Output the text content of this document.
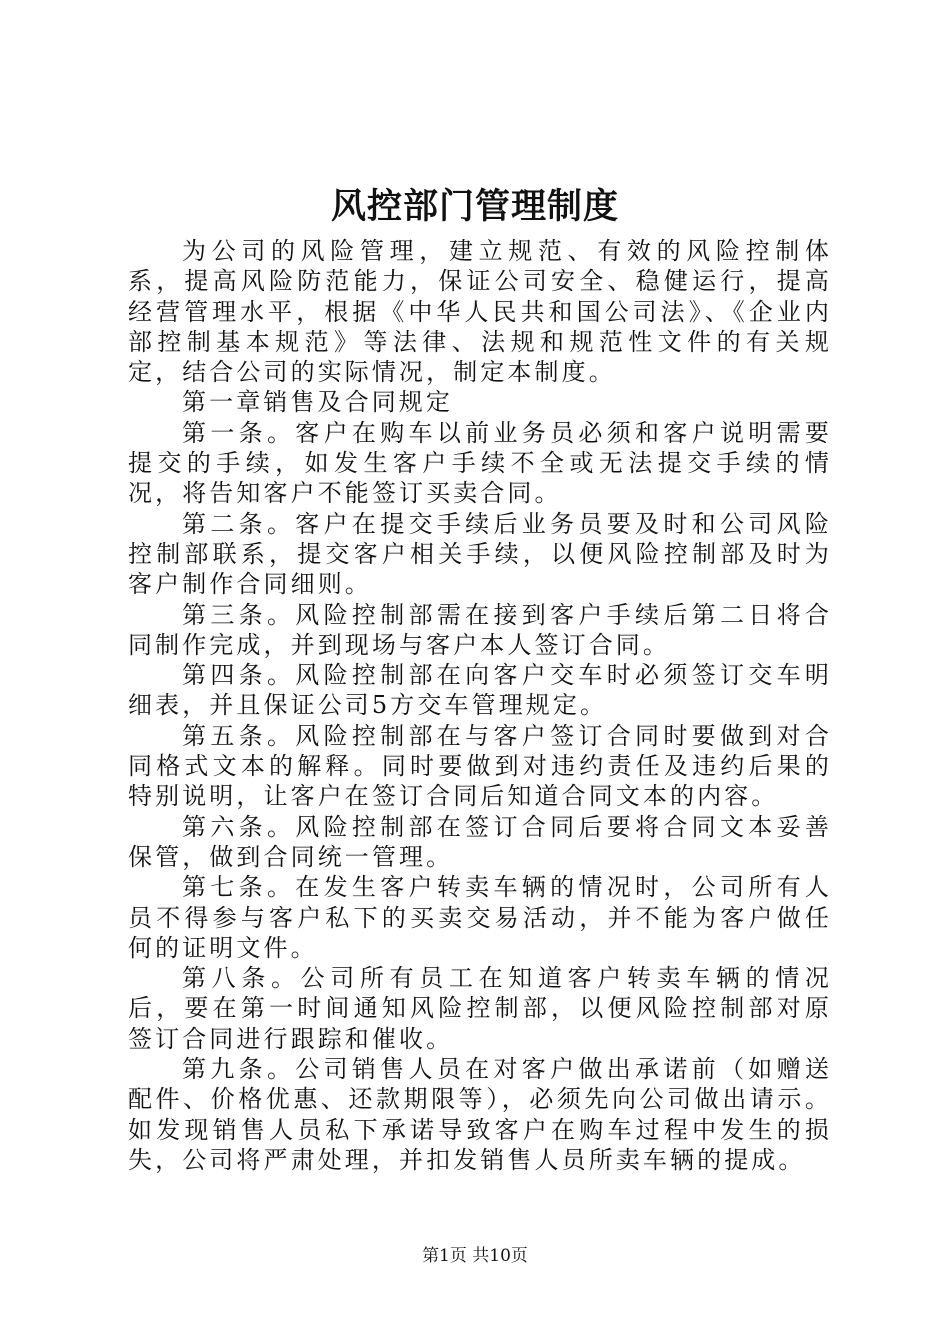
风控部门管理制度

为公司的风险管理，建立规范、有效的风险控制体系，提高风险防范能力，保证公司安全、稳健运行，提高经营管理水平，根据《中华人民共和国公司法》、《企业内部控制基本规范》等法律、法规和规范性文件的有关规定，结合公司的实际情况，制定本制度。

第一章销售及合同规定

第一条。客户在购车以前业务员必须和客户说明需要提交的手续，如发生客户手续不全或无法提交手续的情况，将告知客户不能签订买卖合同。

第二条。客户在提交手续后业务员要及时和公司风险控制部联系，提交客户相关手续，以便风险控制部及时为客户制作合同细则。

第三条。风险控制部需在接到客户手续后第二日将合同制作完成，并到现场与客户本人签订合同。

第四条。风险控制部在向客户交车时必须签订交车明细表，并且保证公司5方交车管理规定。

第五条。风险控制部在与客户签订合同时要做到对合同格式文本的解释。同时要做到对违约责任及违约后果的特别说明，让客户在签订合同后知道合同文本的内容。

第六条。风险控制部在签订合同后要将合同文本妥善保管，做到合同统一管理。

第七条。在发生客户转卖车辆的情况时，公司所有人员不得参与客户私下的买卖交易活动，并不能为客户做任何的证明文件。

第八条。公司所有员工在知道客户转卖车辆的情况后，要在第一时间通知风险控制部，以便风险控制部对原签订合同进行跟踪和催收。

第九条。公司销售人员在对客户做出承诺前（如赠送配件、价格优惠、还款期限等），必须先向公司做出请示。如发现销售人员私下承诺导致客户在购车过程中发生的损失，公司将严肃处理，并扣发销售人员所卖车辆的提成。

第1页 共10页
